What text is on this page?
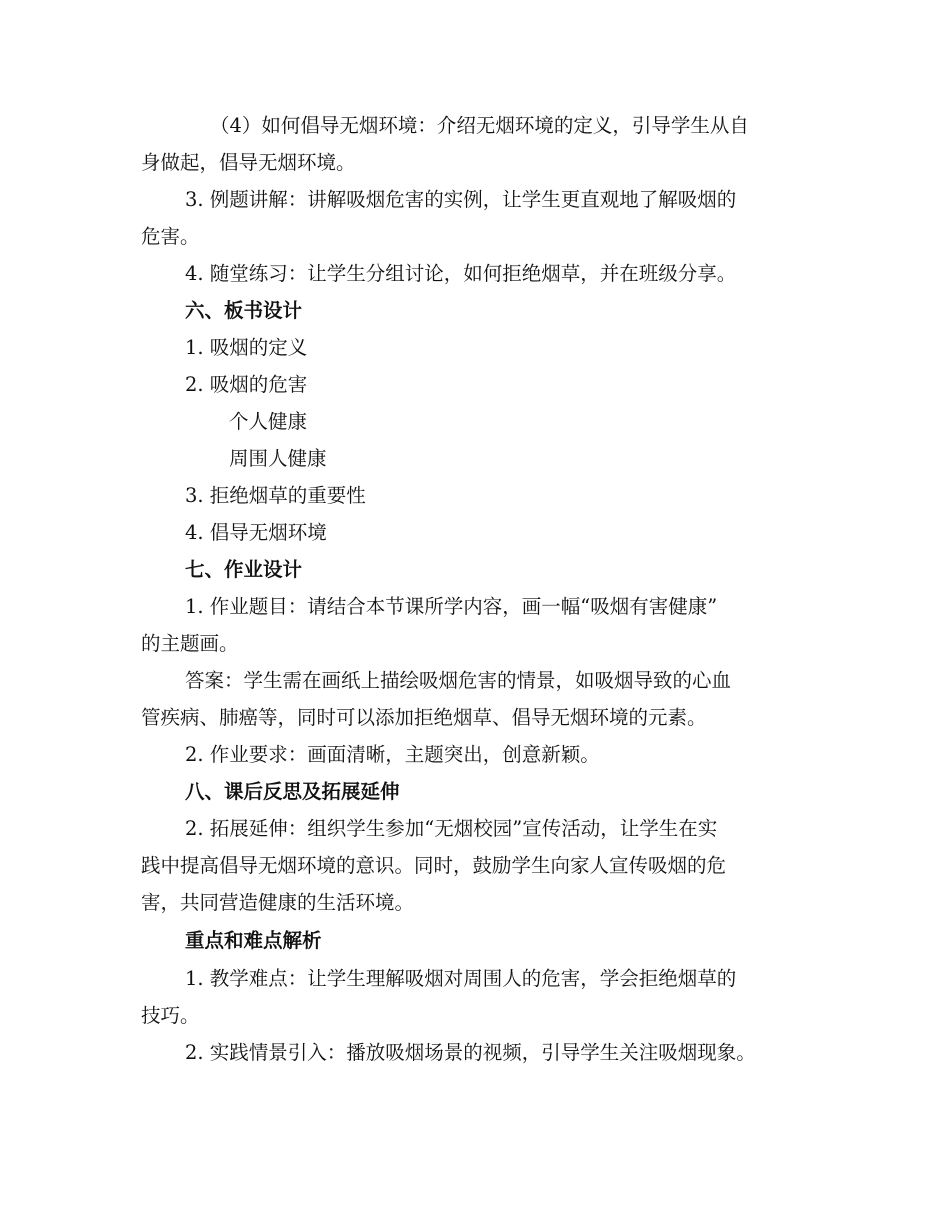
（4）如何倡导无烟环境：介绍无烟环境的定义，引导学生从自
身做起，倡导无烟环境。
3. 例题讲解：讲解吸烟危害的实例，让学生更直观地了解吸烟的
危害。
4. 随堂练习：让学生分组讨论，如何拒绝烟草，并在班级分享。
六、板书设计
1. 吸烟的定义
2. 吸烟的危害
个人健康
周围人健康
3. 拒绝烟草的重要性
4. 倡导无烟环境
七、作业设计
1. 作业题目：请结合本节课所学内容，画一幅“吸烟有害健康”
的主题画。
答案：学生需在画纸上描绘吸烟危害的情景，如吸烟导致的心血
管疾病、肺癌等，同时可以添加拒绝烟草、倡导无烟环境的元素。
2. 作业要求：画面清晰，主题突出，创意新颖。
八、课后反思及拓展延伸
2. 拓展延伸：组织学生参加“无烟校园”宣传活动，让学生在实
践中提高倡导无烟环境的意识。同时，鼓励学生向家人宣传吸烟的危
害，共同营造健康的生活环境。
重点和难点解析
1. 教学难点：让学生理解吸烟对周围人的危害，学会拒绝烟草的
技巧。
2. 实践情景引入：播放吸烟场景的视频，引导学生关注吸烟现象。
